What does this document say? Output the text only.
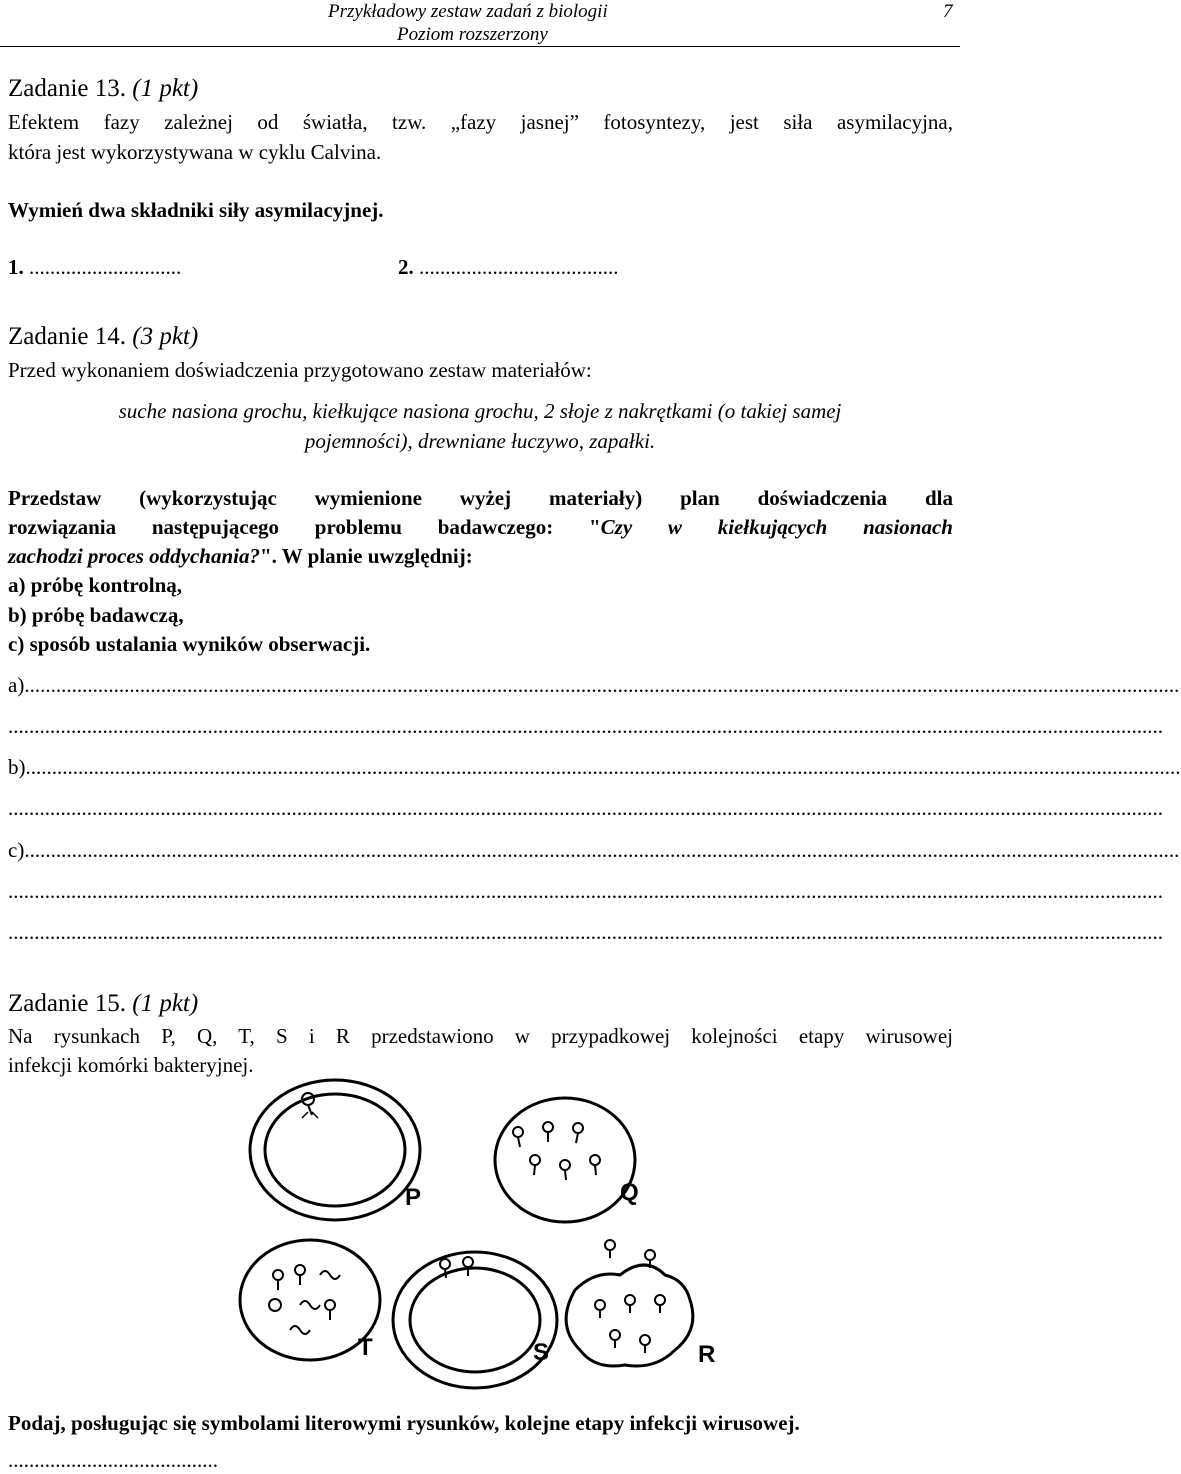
Przykładowy zestaw zadań z biologii
Poziom rozszerzony
7
Zadanie 13. (1 pkt)
Efektem fazy zależnej od światła, tzw. „fazy jasnej” fotosyntezy, jest siła asymilacyjna,
która jest wykorzystywana w cyklu Calvina.
Wymień dwa składniki siły asymilacyjnej.
1. .............................	2. ......................................
Zadanie 14. (3 pkt)
Przed wykonaniem doświadczenia przygotowano zestaw materiałów:
suche nasiona grochu, kiełkujące nasiona grochu, 2 słoje z nakrętkami (o takiej samej
pojemności), drewniane łuczywo, zapałki.
Przedstaw (wykorzystując wymienione wyżej materiały) plan doświadczenia dla
rozwiązania następującego problemu badawczego: "Czy w kiełkujących nasionach
zachodzi proces oddychania?". W planie uwzględnij:
a) próbę kontrolną,
b) próbę badawczą,
c) sposób ustalania wyników obserwacji.
a)............................................................................................................................................................................................................................
............................................................................................................................................................................................................................
b)............................................................................................................................................................................................................................
............................................................................................................................................................................................................................
c)............................................................................................................................................................................................................................
............................................................................................................................................................................................................................
............................................................................................................................................................................................................................
Zadanie 15. (1 pkt)
Na rysunkach P, Q, T, S i R przedstawiono w przypadkowej kolejności etapy wirusowej
infekcji komórki bakteryjnej.
P	Q
T	S	R
Podaj, posługując się symbolami literowymi rysunków, kolejne etapy infekcji wirusowej.
........................................
